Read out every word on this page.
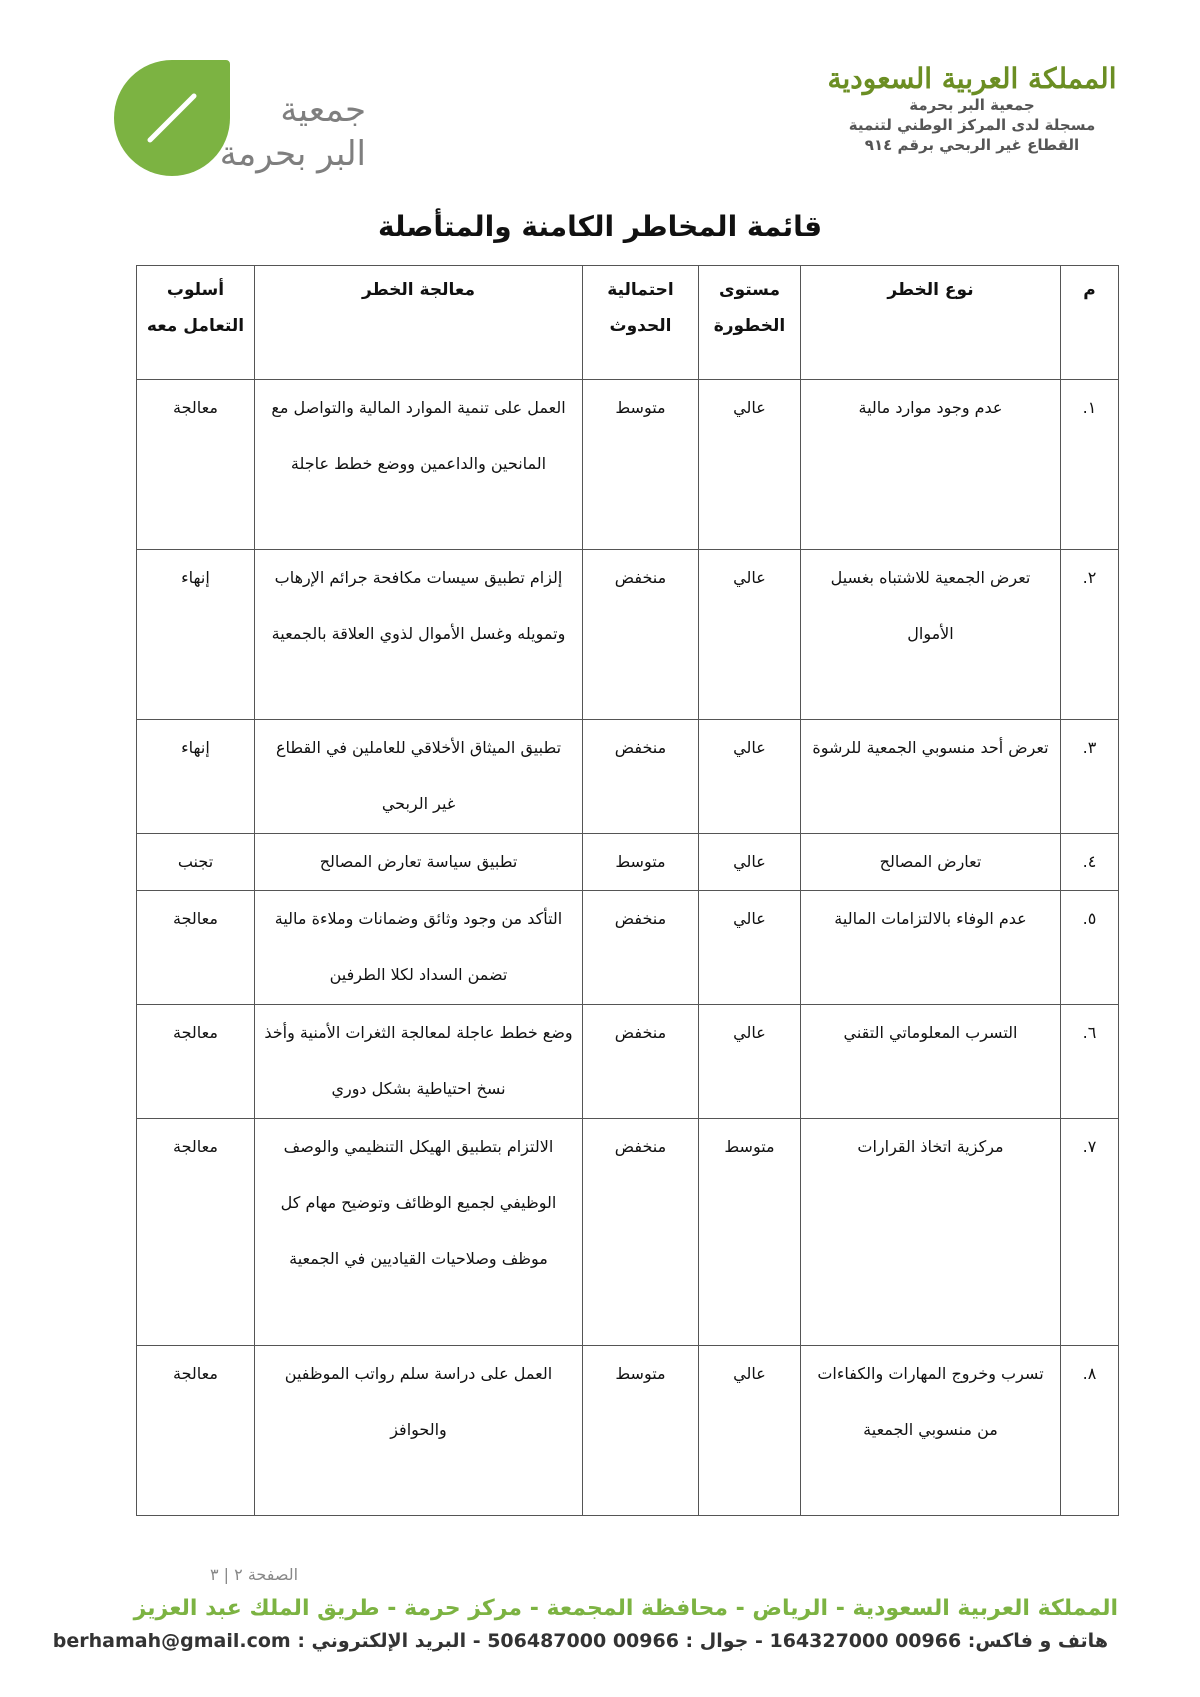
جمعية
البر بحرمة
المملكة العربية السعودية
جمعية البر بحرمة
مسجلة لدى المركز الوطني لتنمية
القطاع غير الربحي برقم ٩١٤
قائمة المخاطر الكامنة والمتأصلة
م	نوع الخطر	مستوى الخطورة	احتمالية الحدوث	معالجة الخطر	أسلوب التعامل معه
١.	عدم وجود موارد مالية	عالي	متوسط	العمل على تنمية الموارد المالية والتواصل مع المانحين والداعمين ووضع خطط عاجلة	معالجة
٢.	تعرض الجمعية للاشتباه بغسيل الأموال	عالي	منخفض	إلزام تطبيق سيسات مكافحة جرائم الإرهاب وتمويله وغسل الأموال لذوي العلاقة بالجمعية	إنهاء
٣.	تعرض أحد منسوبي الجمعية للرشوة	عالي	منخفض	تطبيق الميثاق الأخلاقي للعاملين في القطاع غير الربحي	إنهاء
٤.	تعارض المصالح	عالي	متوسط	تطبيق سياسة تعارض المصالح	تجنب
٥.	عدم الوفاء بالالتزامات المالية	عالي	منخفض	التأكد من وجود وثائق وضمانات وملاءة مالية تضمن السداد لكلا الطرفين	معالجة
٦.	التسرب المعلوماتي التقني	عالي	منخفض	وضع خطط عاجلة لمعالجة الثغرات الأمنية وأخذ نسخ احتياطية بشكل دوري	معالجة
٧.	مركزية اتخاذ القرارات	متوسط	منخفض	الالتزام بتطبيق الهيكل التنظيمي والوصف الوظيفي لجميع الوظائف وتوضيح مهام كل موظف وصلاحيات القياديين في الجمعية	معالجة
٨.	تسرب وخروج المهارات والكفاءات من منسوبي الجمعية	عالي	متوسط	العمل على دراسة سلم رواتب الموظفين والحوافز	معالجة
الصفحة ٢ | ٣
المملكة العربية السعودية - الرياض - محافظة المجمعة - مركز حرمة - طريق الملك عبد العزيز
هاتف و فاكس: 00966 164327000 - جوال : 00966 506487000 - البريد الإلكتروني : berhamah@gmail.com
